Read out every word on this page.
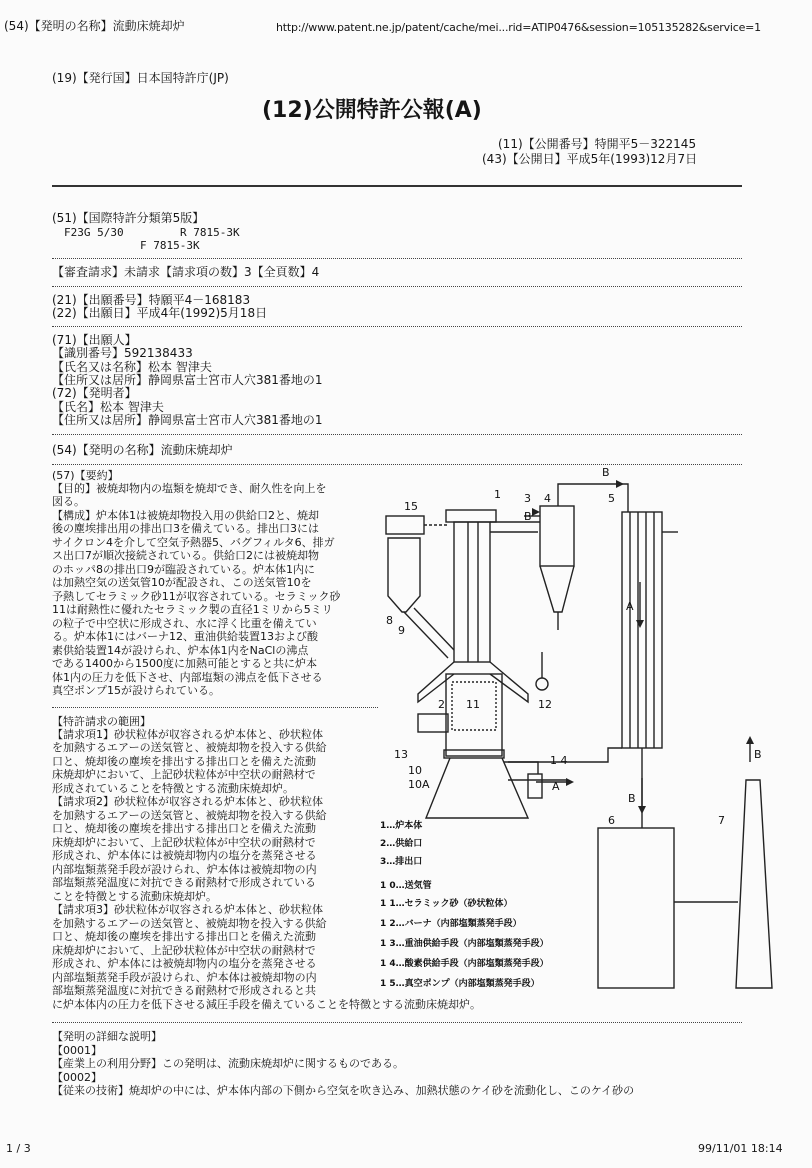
(54)【発明の名称】流動床焼却炉	http://www.patent.ne.jp/patent/cache/mei...rid=ATIP0476&session=105135282&service=1
(19)【発行国】日本国特許庁(JP)
(12)公開特許公報(A)
(11)【公開番号】特開平5－322145
(43)【公開日】平成5年(1993)12月7日
(51)【国際特許分類第5版】
F23G 5/30	R 7815-3K
F 7815-3K
【審査請求】未請求【請求項の数】3【全頁数】4
(21)【出願番号】特願平4－168183
(22)【出願日】平成4年(1992)5月18日
(71)【出願人】
【識別番号】592138433
【氏名又は名称】松本 智津夫
【住所又は居所】静岡県富士宮市人穴381番地の1
(72)【発明者】
【氏名】松本 智津夫
【住所又は居所】静岡県富士宮市人穴381番地の1
(54)【発明の名称】流動床焼却炉
(57)【要約】
【目的】被焼却物内の塩類を焼却でき、耐久性を向上を
図る。
【構成】炉本体1は被焼却物投入用の供給口2と、焼却
後の塵埃排出用の排出口3を備えている。排出口3には
サイクロン4を介して空気予熱器5、バグフィルタ6、排ガ
ス出口7が順次接続されている。供給口2には被焼却物
のホッパ8の排出口9が臨設されている。炉本体1内に
は加熱空気の送気管10が配設され、この送気管10を
予熱してセラミック砂11が収容されている。セラミック砂
11は耐熱性に優れたセラミック製の直径1ミリから5ミリ
の粒子で中空状に形成され、水に浮く比重を備えてい
る。炉本体1にはバーナ12、重油供給装置13および酸
素供給装置14が設けられ、炉本体1内をNaClの沸点
である1400から1500度に加熱可能とすると共に炉本
体1内の圧力を低下させ、内部塩類の沸点を低下させる
真空ポンプ15が設けられている。
【特許請求の範囲】
【請求項1】砂状粒体が収容される炉本体と、砂状粒体
を加熱するエアーの送気管と、被焼却物を投入する供給
口と、焼却後の塵埃を排出する排出口とを備えた流動
床焼却炉において、上記砂状粒体が中空状の耐熱材で
形成されていることを特徴とする流動床焼却炉。
【請求項2】砂状粒体が収容される炉本体と、砂状粒体
を加熱するエアーの送気管と、被焼却物を投入する供給
口と、焼却後の塵埃を排出する排出口とを備えた流動
床焼却炉において、上記砂状粒体が中空状の耐熱材で
形成され、炉本体には被焼却物内の塩分を蒸発させる
内部塩類蒸発手段が設けられ、炉本体は被焼却物の内
部塩類蒸発温度に対抗できる耐熱材で形成されている
ことを特徴とする流動床焼却炉。
【請求項3】砂状粒体が収容される炉本体と、砂状粒体
を加熱するエアーの送気管と、被焼却物を投入する供給
口と、焼却後の塵埃を排出する排出口とを備えた流動
床焼却炉において、上記砂状粒体が中空状の耐熱材で
形成され、炉本体には被焼却物内の塩分を蒸発させる
内部塩類蒸発手段が設けられ、炉本体は被焼却物の内
部塩類蒸発温度に対抗できる耐熱材で形成されると共
に炉本体内の圧力を低下させる減圧手段を備えていることを特徴とする流動床焼却炉。
【発明の詳細な説明】
【0001】
【産業上の利用分野】この発明は、流動床焼却炉に関するものである。
【0002】
【従来の技術】焼却炉の中には、炉本体内部の下側から空気を吹き込み、加熱状態のケイ砂を流動化し、このケイ砂の
1 / 3	99/11/01 18:14
15
1 3 4	5
B
B
B
B
A
A
8
9
12
2 11
13
10
10A
1 4
6	7
1…炉本体
2…供給口
3…排出口
1 0…送気管
1 1…セラミック砂（砂状粒体）
1 2…バーナ（内部塩類蒸発手段）
1 3…重油供給手段（内部塩類蒸発手段）
1 4…酸素供給手段（内部塩類蒸発手段）
1 5…真空ポンプ（内部塩類蒸発手段）
